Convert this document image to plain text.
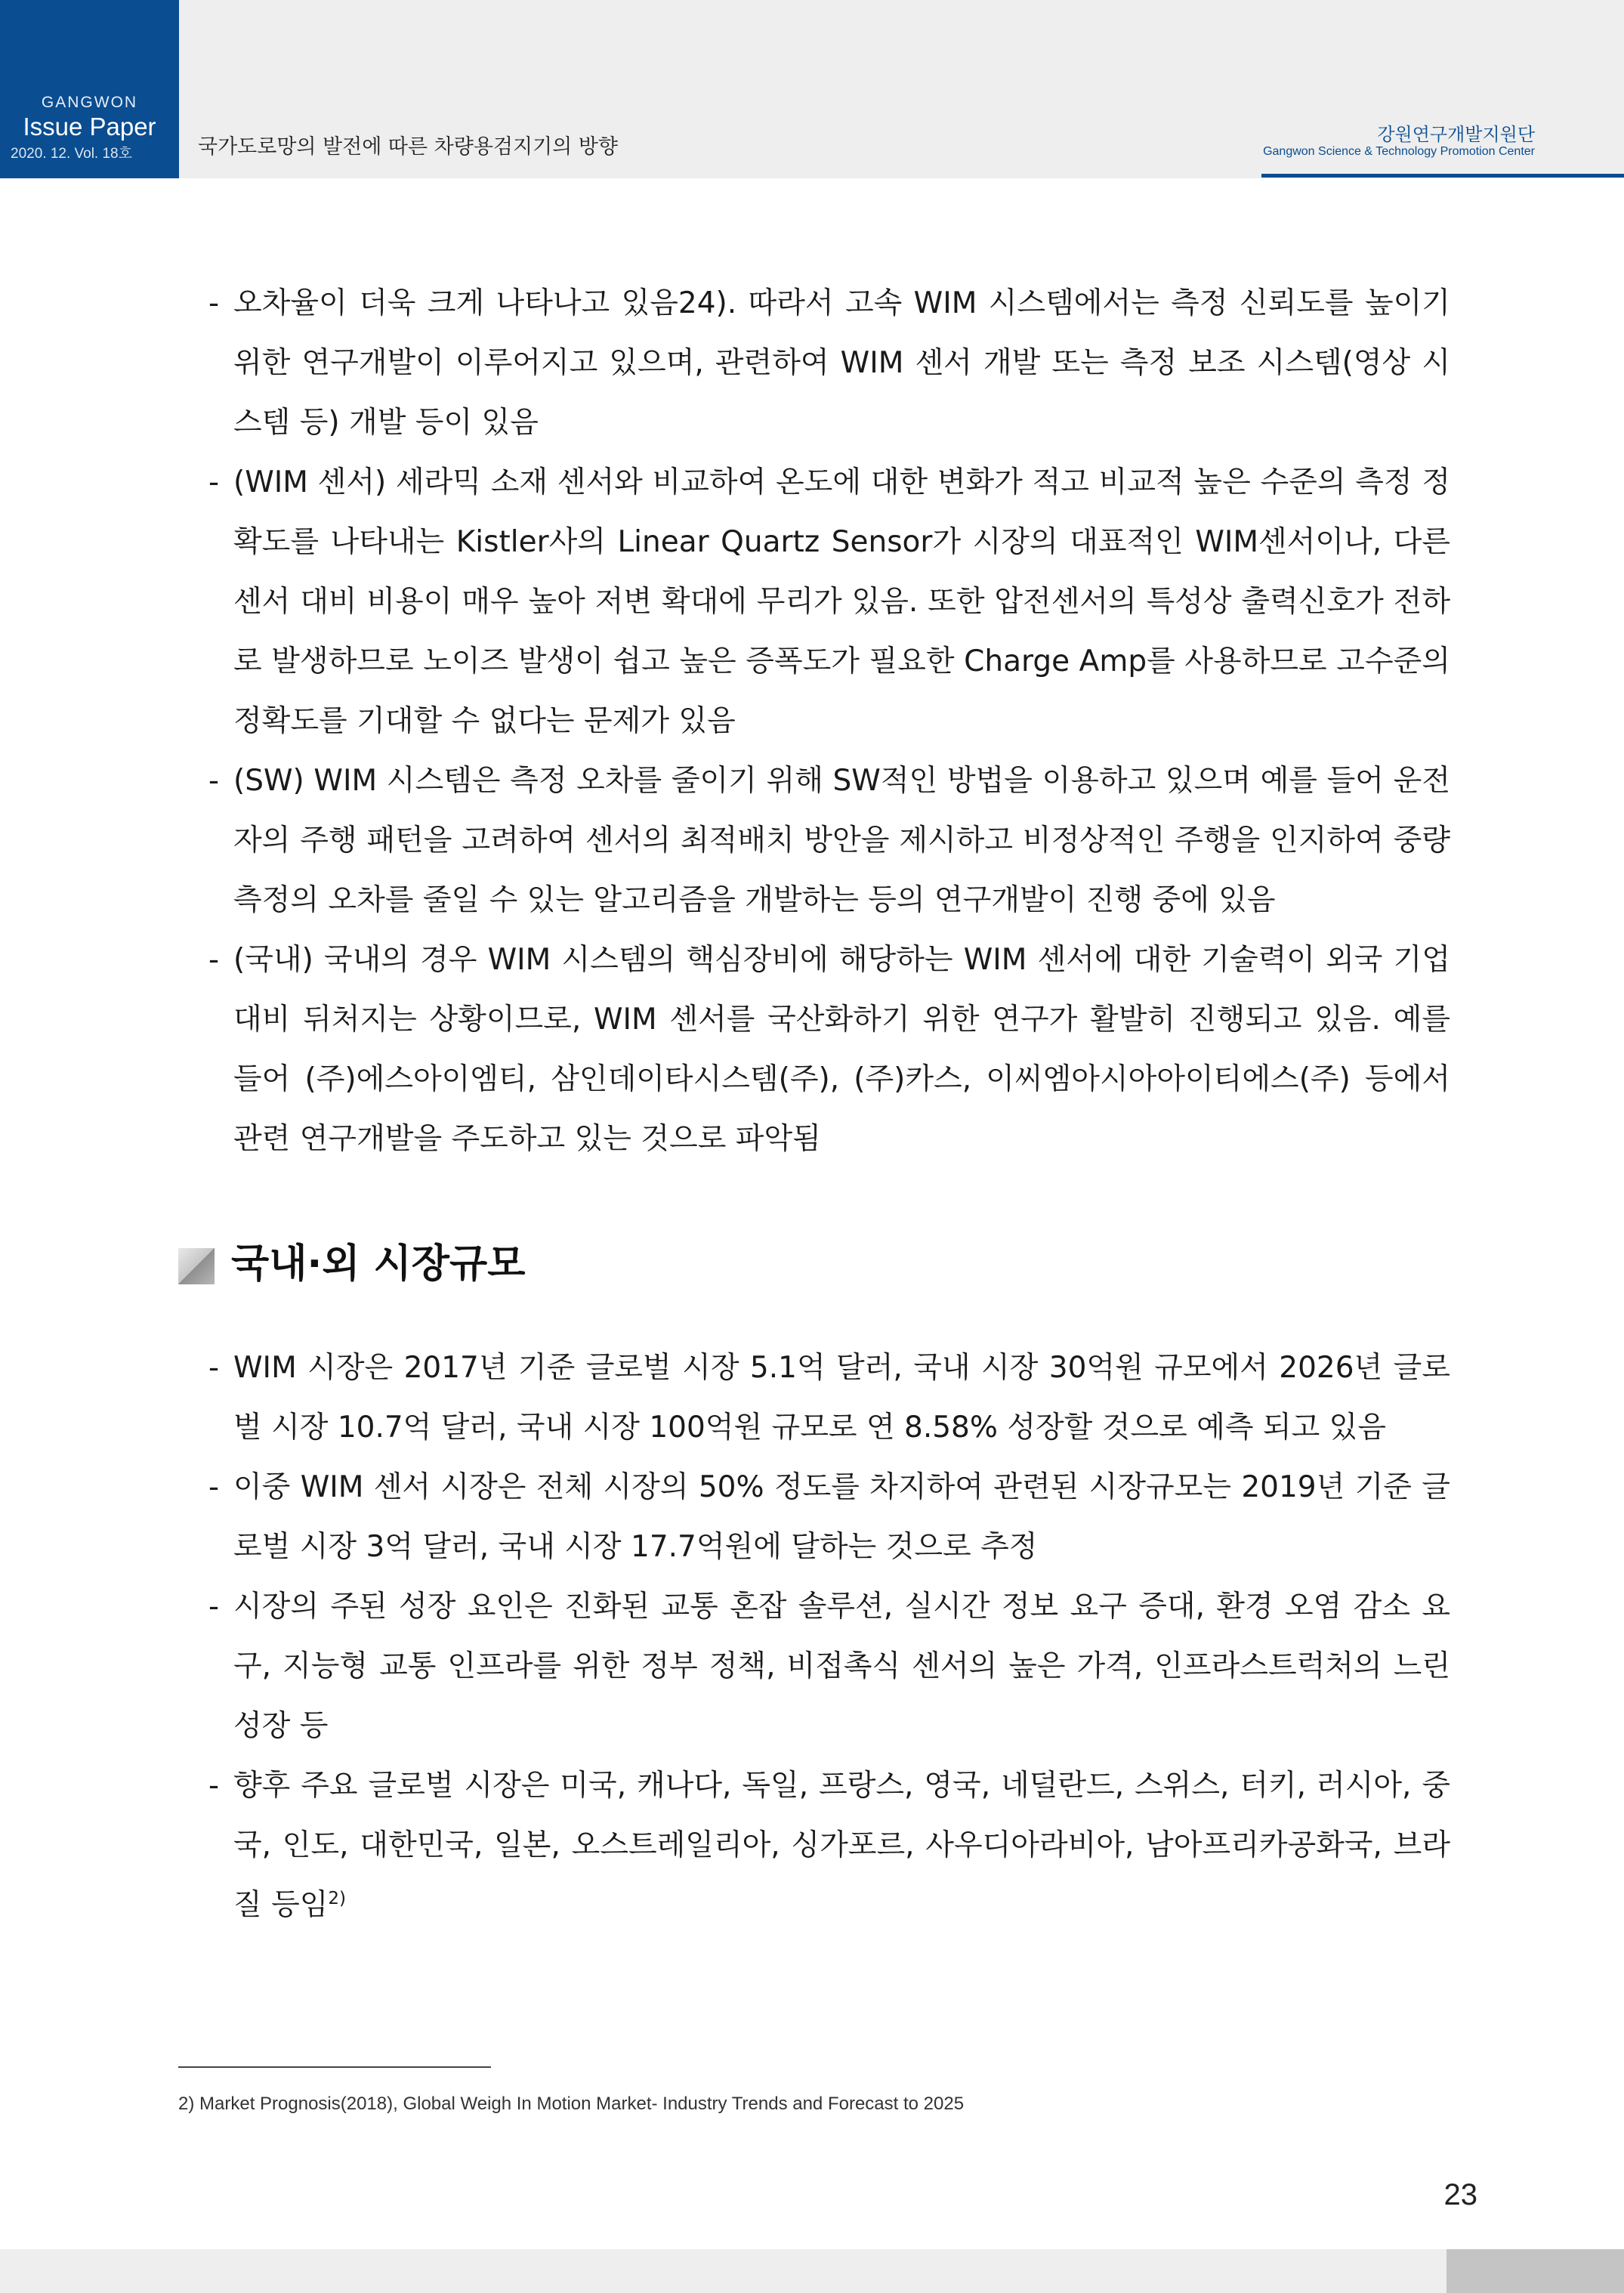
GANGWON
Issue Paper
2020. 12. Vol. 18호	국가도로망의 발전에 따른 차량용검지기의 방향
강원연구개발지원단
Gangwon Science & Technology Promotion Center
- 오차율이 더욱 크게 나타나고 있음24). 따라서 고속 WIM 시스템에서는 측정 신뢰도를 높이기 위한 연구개발이 이루어지고 있으며, 관련하여 WIM 센서 개발 또는 측정 보조 시스템(영상 시스템 등) 개발 등이 있음
- (WIM 센서) 세라믹 소재 센서와 비교하여 온도에 대한 변화가 적고 비교적 높은 수준의 측정 정확도를 나타내는 Kistler사의 Linear Quartz Sensor가 시장의 대표적인 WIM센서이나, 다른 센서 대비 비용이 매우 높아 저변 확대에 무리가 있음. 또한 압전센서의 특성상 출력신호가 전하로 발생하므로 노이즈 발생이 쉽고 높은 증폭도가 필요한 Charge Amp를 사용하므로 고수준의 정확도를 기대할 수 없다는 문제가 있음
- (SW) WIM 시스템은 측정 오차를 줄이기 위해 SW적인 방법을 이용하고 있으며 예를 들어 운전자의 주행 패턴을 고려하여 센서의 최적배치 방안을 제시하고 비정상적인 주행을 인지하여 중량측정의 오차를 줄일 수 있는 알고리즘을 개발하는 등의 연구개발이 진행 중에 있음
- (국내) 국내의 경우 WIM 시스템의 핵심장비에 해당하는 WIM 센서에 대한 기술력이 외국 기업 대비 뒤처지는 상황이므로, WIM 센서를 국산화하기 위한 연구가 활발히 진행되고 있음. 예를 들어 (주)에스아이엠티, 삼인데이타시스템(주), (주)카스, 이씨엠아시아아이티에스(주) 등에서 관련 연구개발을 주도하고 있는 것으로 파악됨
국내·외 시장규모
- WIM 시장은 2017년 기준 글로벌 시장 5.1억 달러, 국내 시장 30억원 규모에서 2026년 글로벌 시장 10.7억 달러, 국내 시장 100억원 규모로 연 8.58% 성장할 것으로 예측 되고 있음
- 이중 WIM 센서 시장은 전체 시장의 50% 정도를 차지하여 관련된 시장규모는 2019년 기준 글로벌 시장 3억 달러, 국내 시장 17.7억원에 달하는 것으로 추정
- 시장의 주된 성장 요인은 진화된 교통 혼잡 솔루션, 실시간 정보 요구 증대, 환경 오염 감소 요구, 지능형 교통 인프라를 위한 정부 정책, 비접촉식 센서의 높은 가격, 인프라스트럭처의 느린 성장 등
- 향후 주요 글로벌 시장은 미국, 캐나다, 독일, 프랑스, 영국, 네덜란드, 스위스, 터키, 러시아, 중국, 인도, 대한민국, 일본, 오스트레일리아, 싱가포르, 사우디아라비아, 남아프리카공화국, 브라질 등임$^{2)}$
2) Market Prognosis(2018), Global Weigh In Motion Market- Industry Trends and Forecast to 2025
23
